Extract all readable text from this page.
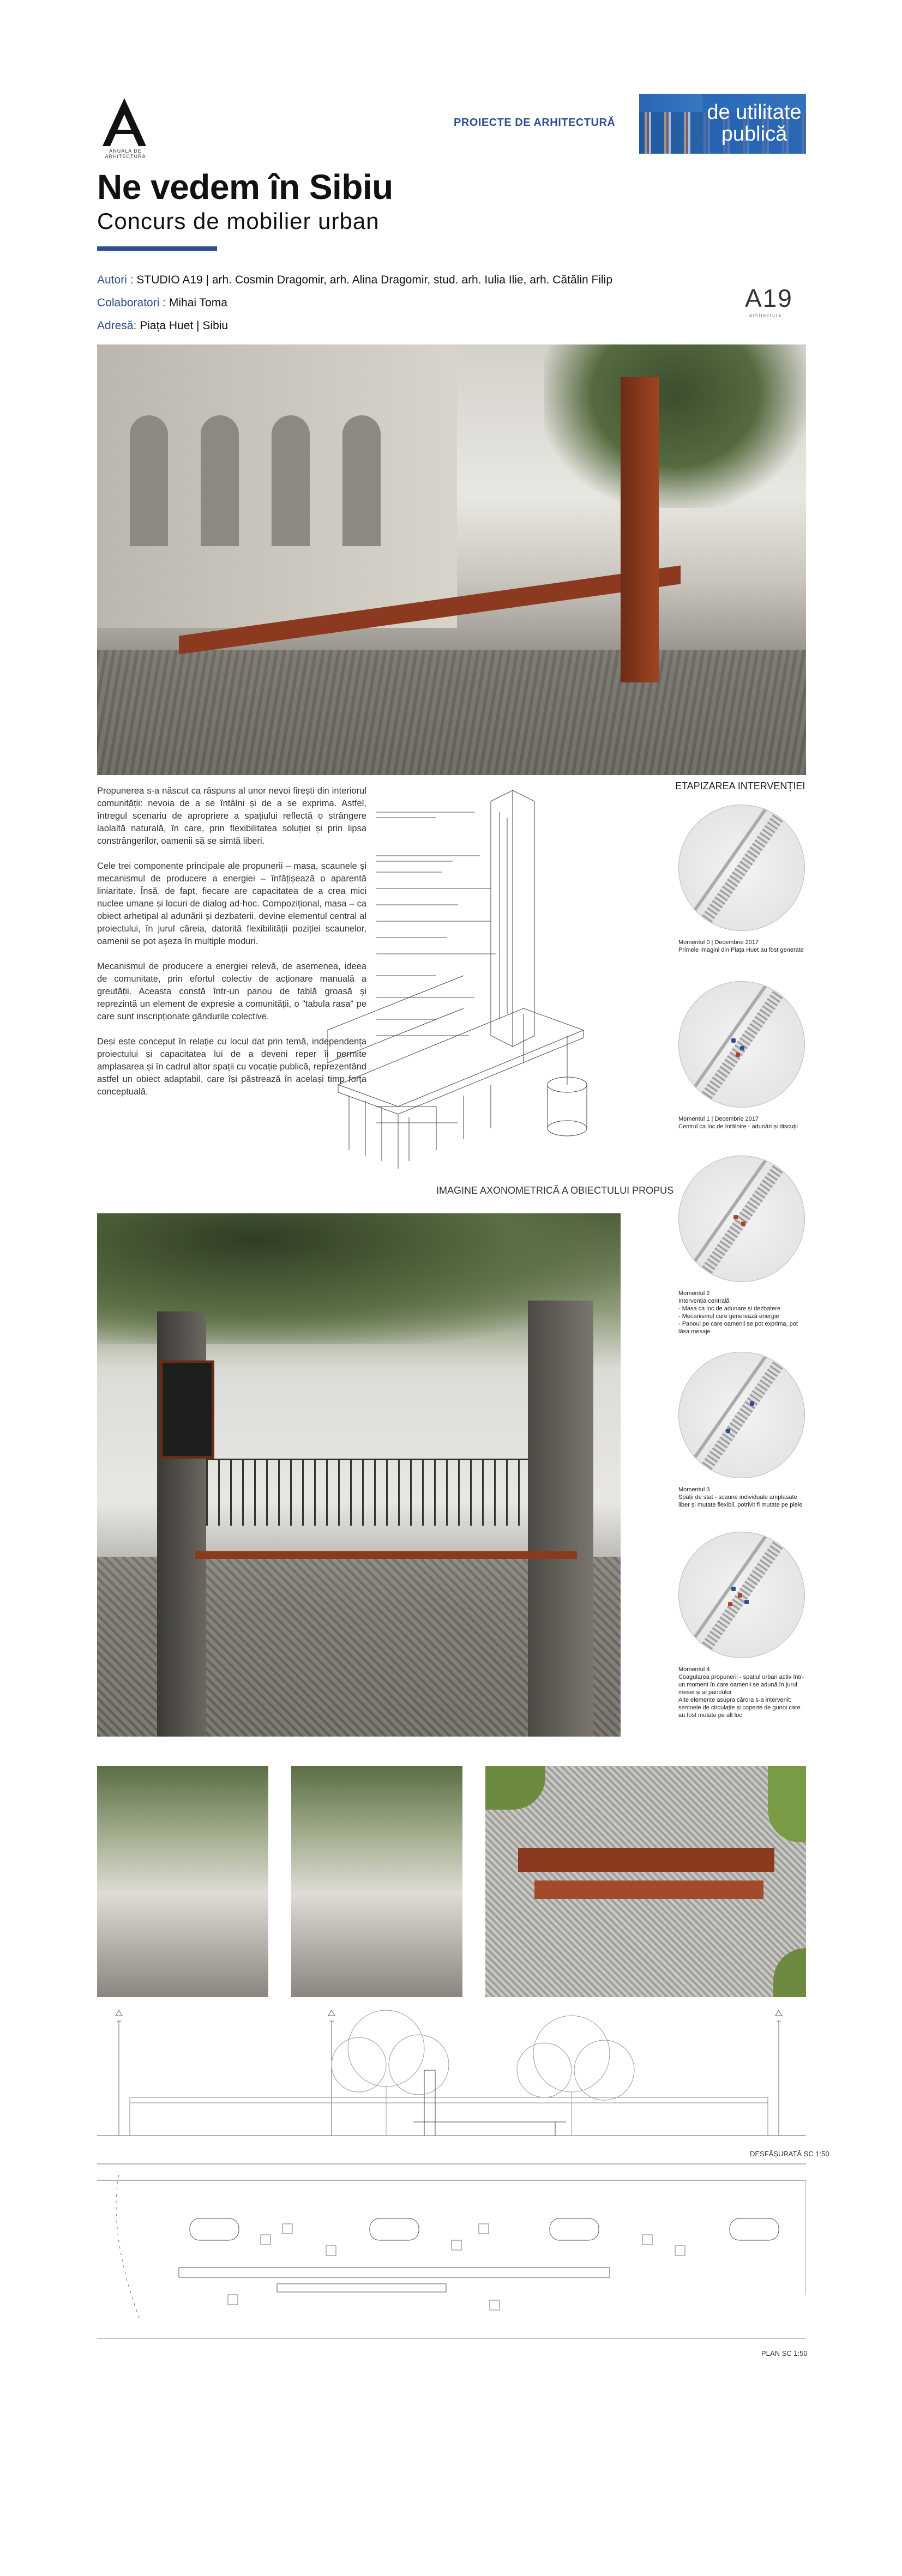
ANUALA DE ARHITECTURĂ
PROIECTE DE ARHITECTURĂ	de utilitate
publică
Ne vedem în Sibiu
Concurs de mobilier urban
Autori : STUDIO A19 | arh. Cosmin Dragomir, arh. Alina Dragomir, stud. arh. Iulia Ilie, arh. Cătălin Filip
Colaboratori : Mihai Toma
Adresă: Piața Huet | Sibiu
A19
arhitectura

Propunerea s-a născut ca răspuns al unor nevoi firești din interiorul comunității: nevoia de a se întâlni și de a se exprima. Astfel, întregul scenariu de apropriere a spațiului reflectă o strângere laolaltă naturală, în care, prin flexibilitatea soluției și prin lipsa constrângerilor, oamenii să se simtă liberi.

Cele trei componente principale ale propunerii – masa, scaunele și mecanismul de producere a energiei – înfățișează o aparentă liniaritate. Însă, de fapt, fiecare are capacitatea de a crea mici nuclee umane și locuri de dialog ad-hoc. Compozițional, masa – ca obiect arhetipal al adunării și dezbaterii, devine elementul central al proiectului, în jurul căreia, datorită flexibilității poziției scaunelor, oamenii se pot așeza în multiple moduri.

Mecanismul de producere a energiei relevă, de asemenea, ideea de comunitate, prin efortul colectiv de acționare manuală a greutății. Aceasta constă într-un panou de tablă groasă și reprezintă un element de expresie a comunității, o "tabula rasa" pe care sunt inscripționate gândurile colective.

Deși este conceput în relație cu locul dat prin temă, independența proiectului și capacitatea lui de a deveni reper îi permite amplasarea și în cadrul altor spații cu vocație publică, reprezentând astfel un obiect adaptabil, care își păstrează în același timp forța conceptuală.

IMAGINE AXONOMETRICĂ A OBIECTULUI PROPUS
ETAPIZAREA INTERVENȚIEI
Momentul 0 | Decembrie 2017
Primele imagini din Piața Huet au fost generate
Momentul 1 | Decembrie 2017
Centrul ca loc de întâlnire - adunări și discuții
Momentul 2
Intervenția centrală
- Masa ca loc de adunare și dezbatere
- Mecanismul care generează energie
- Panoul pe care oamenii se pot exprima, pot lăsa mesaje
Momentul 3
Spații de stat - scaune individuale amplasate liber și mutate flexibil, potrivit fi mutate pe piele
Momentul 4
Coagularea propunerii - spațiul urban activ într-un moment în care oamenii se adună în jurul mesei și al panoului
Alte elemente asupra cărora s-a intervenit: semnele de circulație și coperte de gunoi care au fost mutate pe alt loc
DESFĂȘURATĂ SC 1:50
PLAN SC 1:50
